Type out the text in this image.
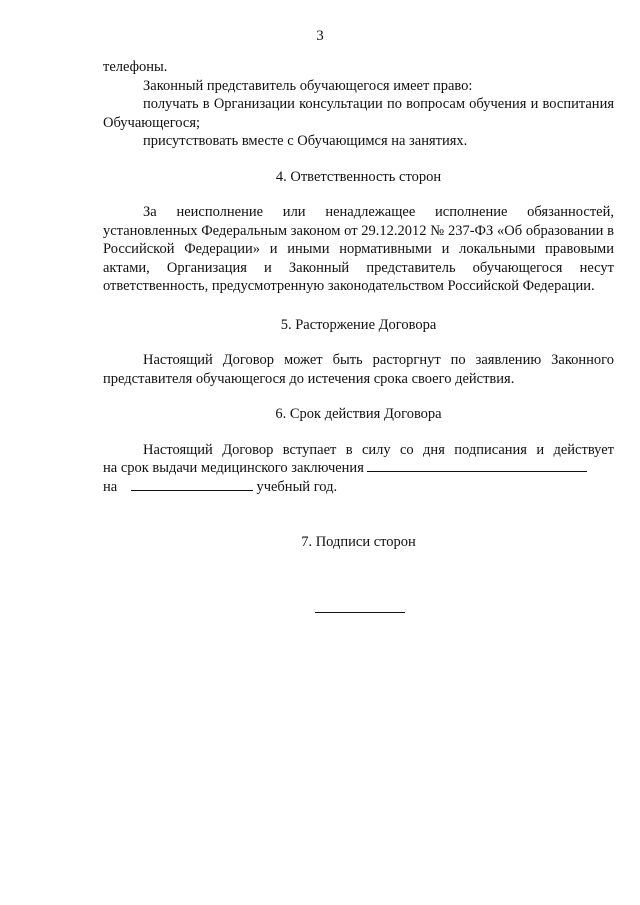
3

телефоны.

Законный представитель обучающегося имеет право:

получать в Организации консультации по вопросам обучения и воспитания Обучающегося;

присутствовать вместе с Обучающимся на занятиях.

4. Ответственность сторон

За неисполнение или ненадлежащее исполнение обязанностей, установленных Федеральным законом от 29.12.2012 № 237-ФЗ «Об образовании в Российской Федерации» и иными нормативными и локальными правовыми актами, Организация и Законный представитель обучающегося несут ответственность, предусмотренную законодательством Российской Федерации.

5. Расторжение Договора

Настоящий Договор может быть расторгнут по заявлению Законного представителя обучающегося до истечения срока своего действия.

6. Срок действия Договора

Настоящий Договор вступает в силу со дня подписания и действует

на срок выдачи медицинского заключения

на	учебный год.

7. Подписи сторон
